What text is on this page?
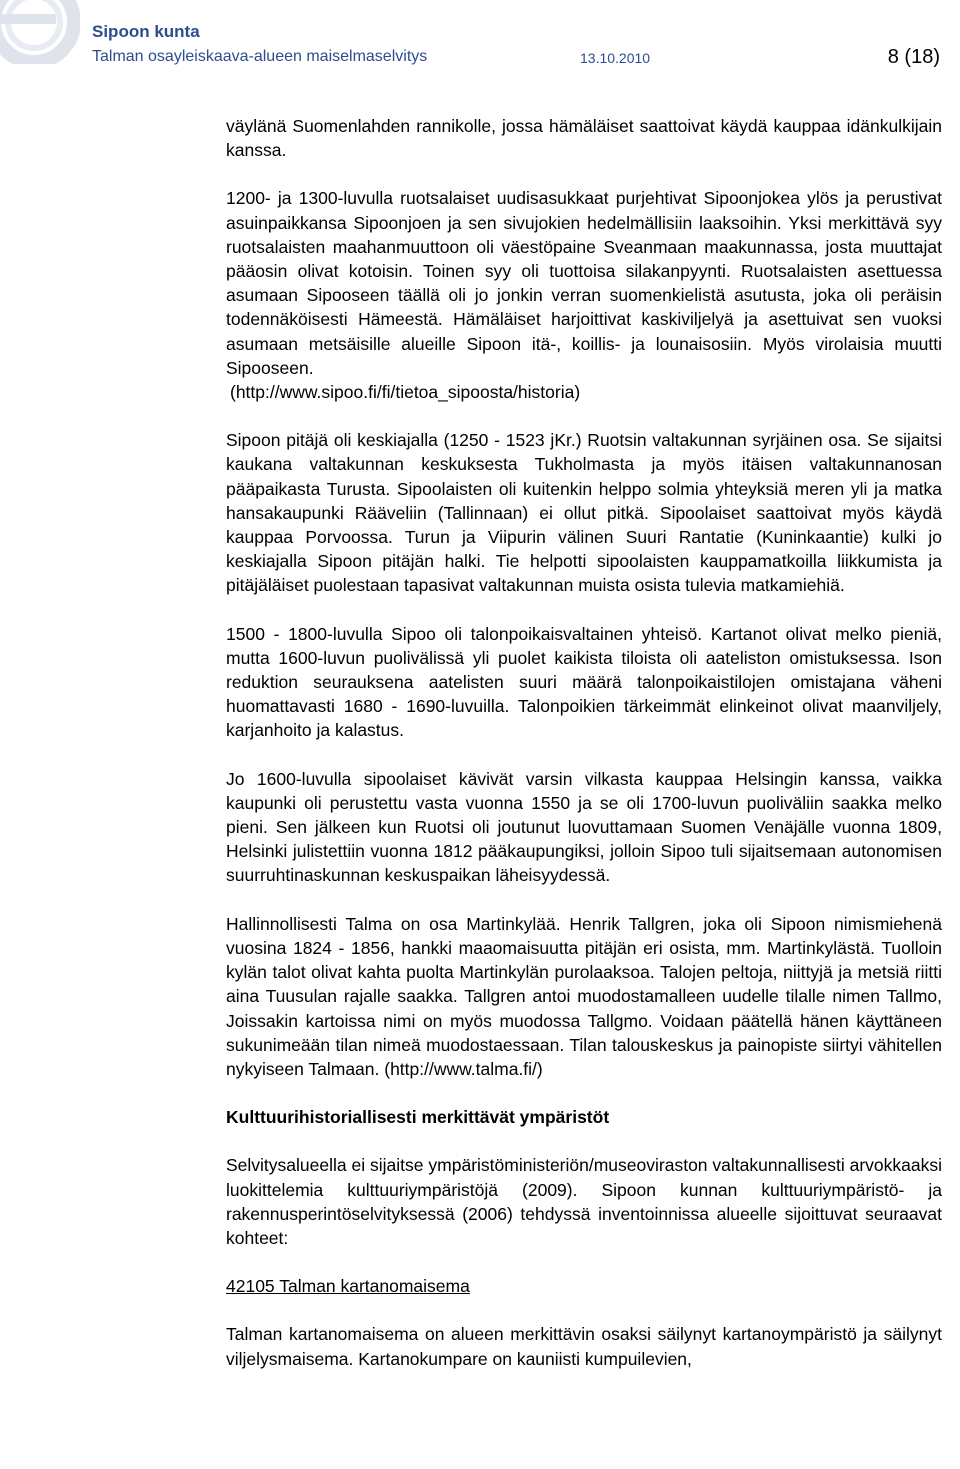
Sipoon kunta
Talman osayleiskaava-alueen maiselmaselvitys	13.10.2010	8 (18)

väylänä Suomenlahden rannikolle, jossa hämäläiset saattoivat käydä kauppaa idänkulkijain kanssa.

1200- ja 1300-luvulla ruotsalaiset uudisasukkaat purjehtivat Sipoonjokea ylös ja perustivat asuinpaikkansa Sipoonjoen ja sen sivujokien hedelmällisiin laaksoihin. Yksi merkittävä syy ruotsalaisten maahanmuuttoon oli väestöpaine Sveanmaan maakunnassa, josta muuttajat pääosin olivat kotoisin. Toinen syy oli tuottoisa silakanpyynti. Ruotsalaisten asettuessa asumaan Sipooseen täällä oli jo jonkin verran suomenkielistä asutusta, joka oli peräisin todennäköisesti Hämeestä. Hämäläiset harjoittivat kaskiviljelyä ja asettuivat sen vuoksi asumaan metsäisille alueille Sipoon itä-, koillis- ja lounaisosiin. Myös virolaisia muutti Sipooseen.

(http://www.sipoo.fi/fi/tietoa_sipoosta/historia)

Sipoon pitäjä oli keskiajalla (1250 - 1523 jKr.) Ruotsin valtakunnan syrjäinen osa. Se sijaitsi kaukana valtakunnan keskuksesta Tukholmasta ja myös itäisen valtakunnanosan pääpaikasta Turusta. Sipoolaisten oli kuitenkin helppo solmia yhteyksiä meren yli ja matka hansakaupunki Rääveliin (Tallinnaan) ei ollut pitkä. Sipoolaiset saattoivat myös käydä kauppaa Porvoossa. Turun ja Viipurin välinen Suuri Rantatie (Kuninkaantie) kulki jo keskiajalla Sipoon pitäjän halki. Tie helpotti sipoolaisten kauppamatkoilla liikkumista ja pitäjäläiset puolestaan tapasivat valtakunnan muista osista tulevia matkamiehiä.

1500 - 1800-luvulla Sipoo oli talonpoikaisvaltainen yhteisö. Kartanot olivat melko pieniä, mutta 1600-luvun puolivälissä yli puolet kaikista tiloista oli aateliston omistuksessa. Ison reduktion seurauksena aatelisten suuri määrä talonpoikaistilojen omistajana väheni huomattavasti 1680 - 1690-luvuilla. Talonpoikien tärkeimmät elinkeinot olivat maanviljely, karjanhoito ja kalastus.

Jo 1600-luvulla sipoolaiset kävivät varsin vilkasta kauppaa Helsingin kanssa, vaikka kaupunki oli perustettu vasta vuonna 1550 ja se oli 1700-luvun puoliväliin saakka melko pieni. Sen jälkeen kun Ruotsi oli joutunut luovuttamaan Suomen Venäjälle vuonna 1809, Helsinki julistettiin vuonna 1812 pääkaupungiksi, jolloin Sipoo tuli sijaitsemaan autonomisen suurruhtinaskunnan keskuspaikan läheisyydessä.

Hallinnollisesti Talma on osa Martinkylää. Henrik Tallgren, joka oli Sipoon nimismiehenä vuosina 1824 - 1856, hankki maaomaisuutta pitäjän eri osista, mm. Martinkylästä. Tuolloin kylän talot olivat kahta puolta Martinkylän purolaaksoa. Talojen peltoja, niittyjä ja metsiä riitti aina Tuusulan rajalle saakka. Tallgren antoi muodostamalleen uudelle tilalle nimen Tallmo, Joissakin kartoissa nimi on myös muodossa Tallgmo. Voidaan päätellä hänen käyttäneen sukunimeään tilan nimeä muodostaessaan. Tilan talouskeskus ja painopiste siirtyi vähitellen nykyiseen Talmaan. (http://www.talma.fi/)

Kulttuurihistoriallisesti merkittävät ympäristöt

Selvitysalueella ei sijaitse ympäristöministeriön/museoviraston valtakunnallisesti arvokkaaksi luokittelemia kulttuuriympäristöjä (2009). Sipoon kunnan kulttuuriympäristö- ja rakennusperintöselvityksessä (2006) tehdyssä inventoinnissa alueelle sijoittuvat seuraavat kohteet:

42105 Talman kartanomaisema

Talman kartanomaisema on alueen merkittävin osaksi säilynyt kartanoympäristö ja säilynyt viljelysmaisema. Kartanokumpare on kauniisti kumpuilevien,
